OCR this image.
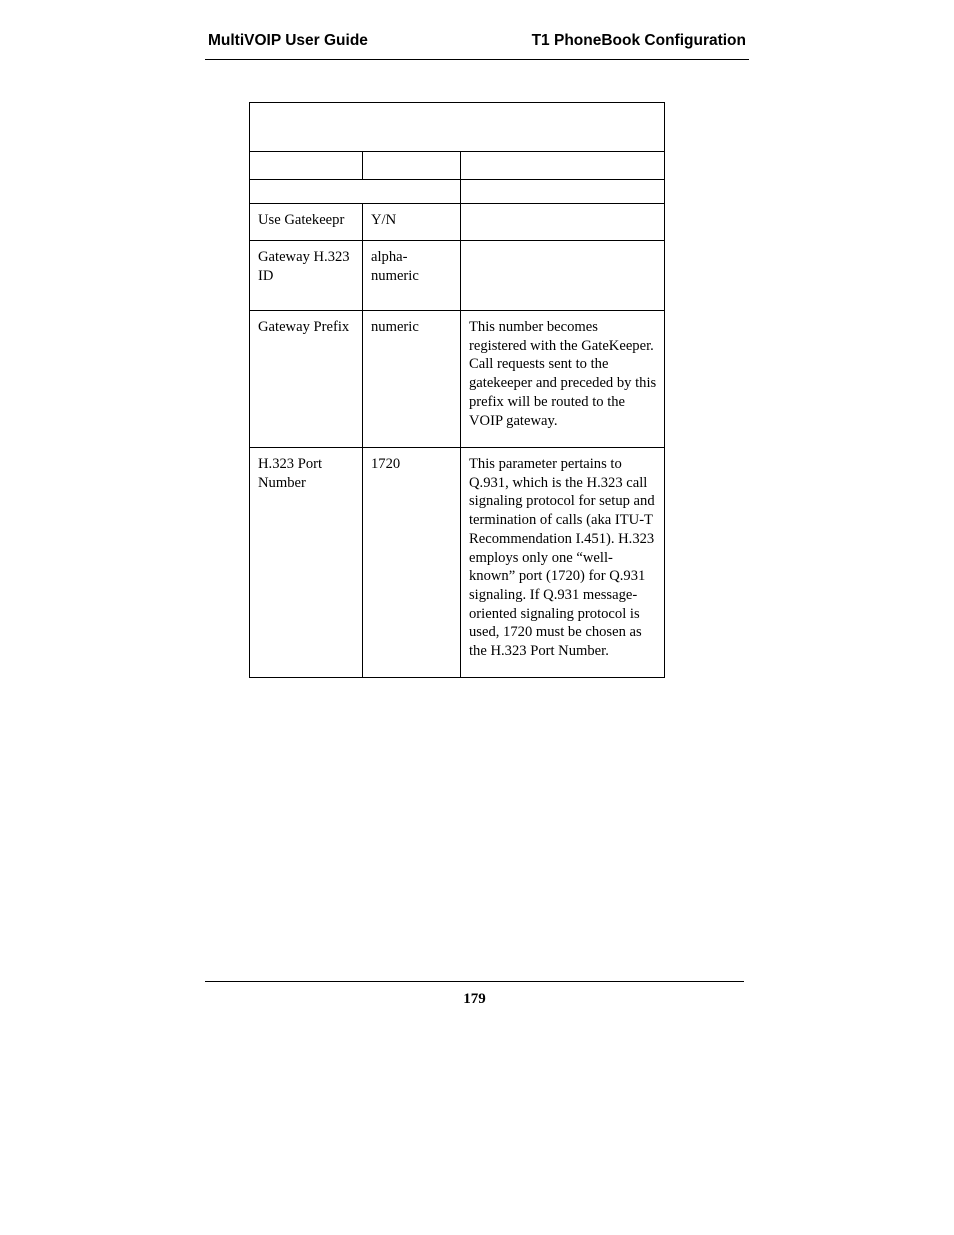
MultiVOIP User Guide	T1 PhoneBook Configuration

Use Gatekeepr	Y/N	
Gateway H.323 ID	alpha-numeric	
Gateway Prefix	numeric	This number becomes registered with the GateKeeper. Call requests sent to the gatekeeper and preceded by this prefix will be routed to the VOIP gateway.
H.323 Port Number	1720	This parameter pertains to Q.931, which is the H.323 call signaling protocol for setup and termination of calls (aka ITU-T Recommendation I.451). H.323 employs only one “well-known” port (1720) for Q.931 signaling. If Q.931 message-oriented signaling protocol is used, 1720 must be chosen as the H.323 Port Number.
179
